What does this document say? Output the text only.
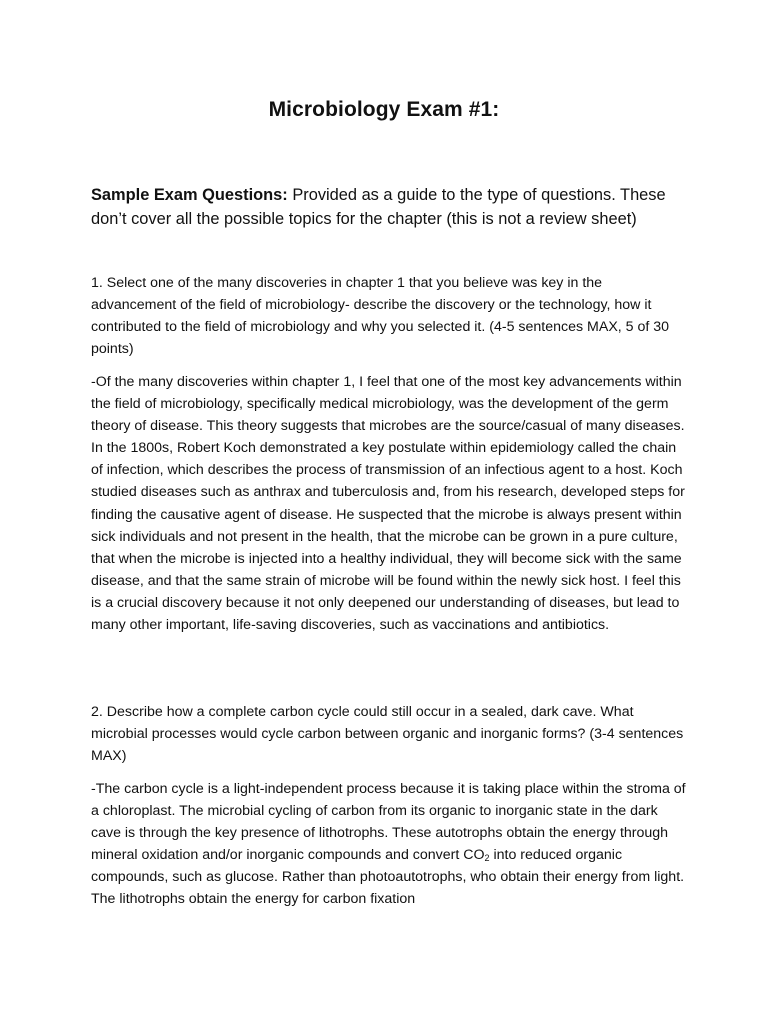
Microbiology Exam #1:
Sample Exam Questions: Provided as a guide to the type of questions. These don’t cover all the possible topics for the chapter (this is not a review sheet)

1. Select one of the many discoveries in chapter 1 that you believe was key in the advancement of the field of microbiology- describe the discovery or the technology, how it contributed to the field of microbiology and why you selected it. (4-5 sentences MAX, 5 of 30 points)

-Of the many discoveries within chapter 1, I feel that one of the most key advancements within the field of microbiology, specifically medical microbiology, was the development of the germ theory of disease. This theory suggests that microbes are the source/casual of many diseases. In the 1800s, Robert Koch demonstrated a key postulate within epidemiology called the chain of infection, which describes the process of transmission of an infectious agent to a host. Koch studied diseases such as anthrax and tuberculosis and, from his research, developed steps for finding the causative agent of disease. He suspected that the microbe is always present within sick individuals and not present in the health, that the microbe can be grown in a pure culture, that when the microbe is injected into a healthy individual, they will become sick with the same disease, and that the same strain of microbe will be found within the newly sick host. I feel this is a crucial discovery because it not only deepened our understanding of diseases, but lead to many other important, life-saving discoveries, such as vaccinations and antibiotics.

2. Describe how a complete carbon cycle could still occur in a sealed, dark cave. What microbial processes would cycle carbon between organic and inorganic forms? (3-4 sentences MAX)

-The carbon cycle is a light-independent process because it is taking place within the stroma of a chloroplast. The microbial cycling of carbon from its organic to inorganic state in the dark cave is through the key presence of lithotrophs. These autotrophs obtain the energy through mineral oxidation and/or inorganic compounds and convert $CO_2$ into reduced organic compounds, such as glucose. Rather than photoautotrophs, who obtain their energy from light. The lithotrophs obtain the energy for carbon fixation
